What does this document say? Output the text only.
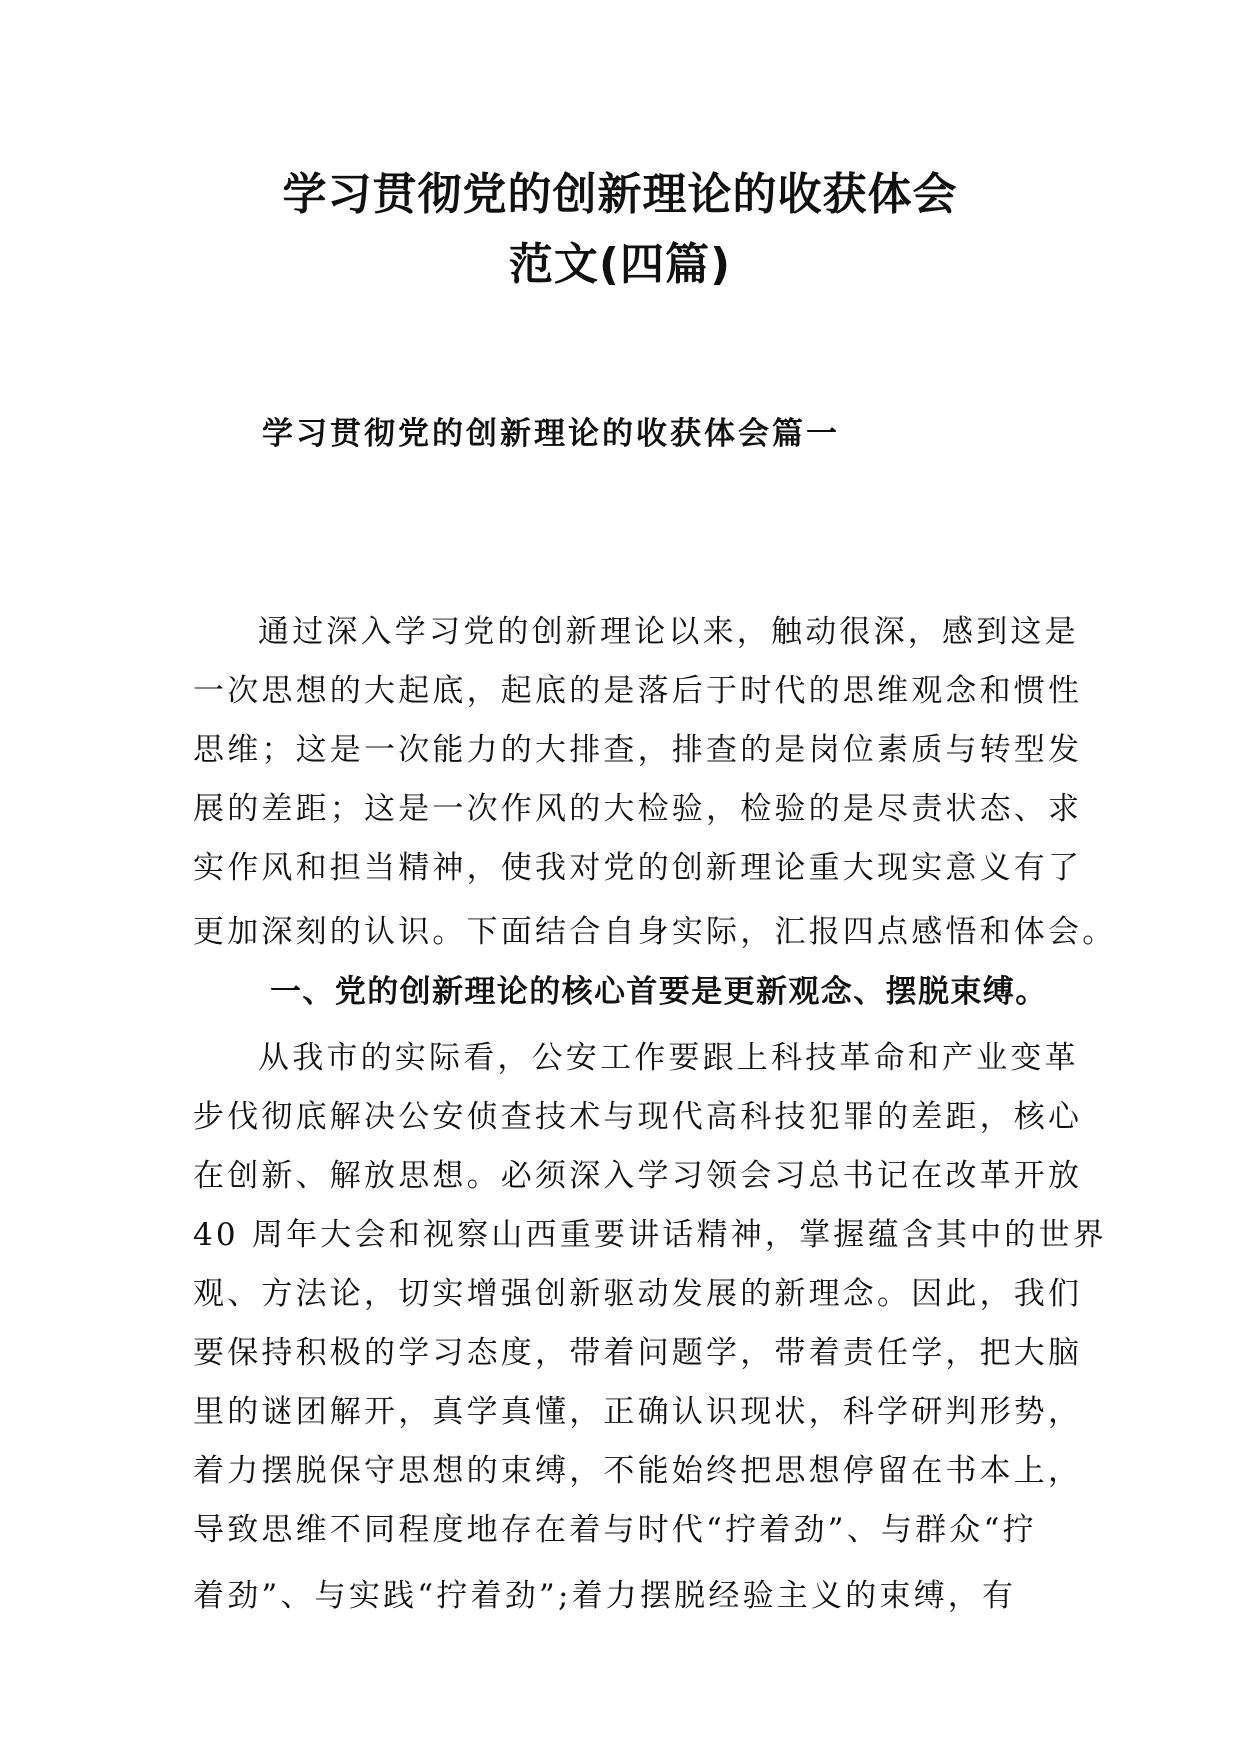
学习贯彻党的创新理论的收获体会
范文(四篇)
学习贯彻党的创新理论的收获体会篇一
通过深入学习党的创新理论以来，触动很深，感到这是
一次思想的大起底，起底的是落后于时代的思维观念和惯性
思维；这是一次能力的大排查，排查的是岗位素质与转型发
展的差距；这是一次作风的大检验，检验的是尽责状态、求
实作风和担当精神，使我对党的创新理论重大现实意义有了
更加深刻的认识。下面结合自身实际，汇报四点感悟和体会。
一、党的创新理论的核心首要是更新观念、摆脱束缚。
从我市的实际看，公安工作要跟上科技革命和产业变革
步伐彻底解决公安侦查技术与现代高科技犯罪的差距，核心
在创新、解放思想。必须深入学习领会习总书记在改革开放
40 周年大会和视察山西重要讲话精神，掌握蕴含其中的世界
观、方法论，切实增强创新驱动发展的新理念。因此，我们
要保持积极的学习态度，带着问题学，带着责任学，把大脑
里的谜团解开，真学真懂，正确认识现状，科学研判形势，
着力摆脱保守思想的束缚，不能始终把思想停留在书本上，
导致思维不同程度地存在着与时代“拧着劲”、与群众“拧
着劲”、与实践“拧着劲”;着力摆脱经验主义的束缚，有
